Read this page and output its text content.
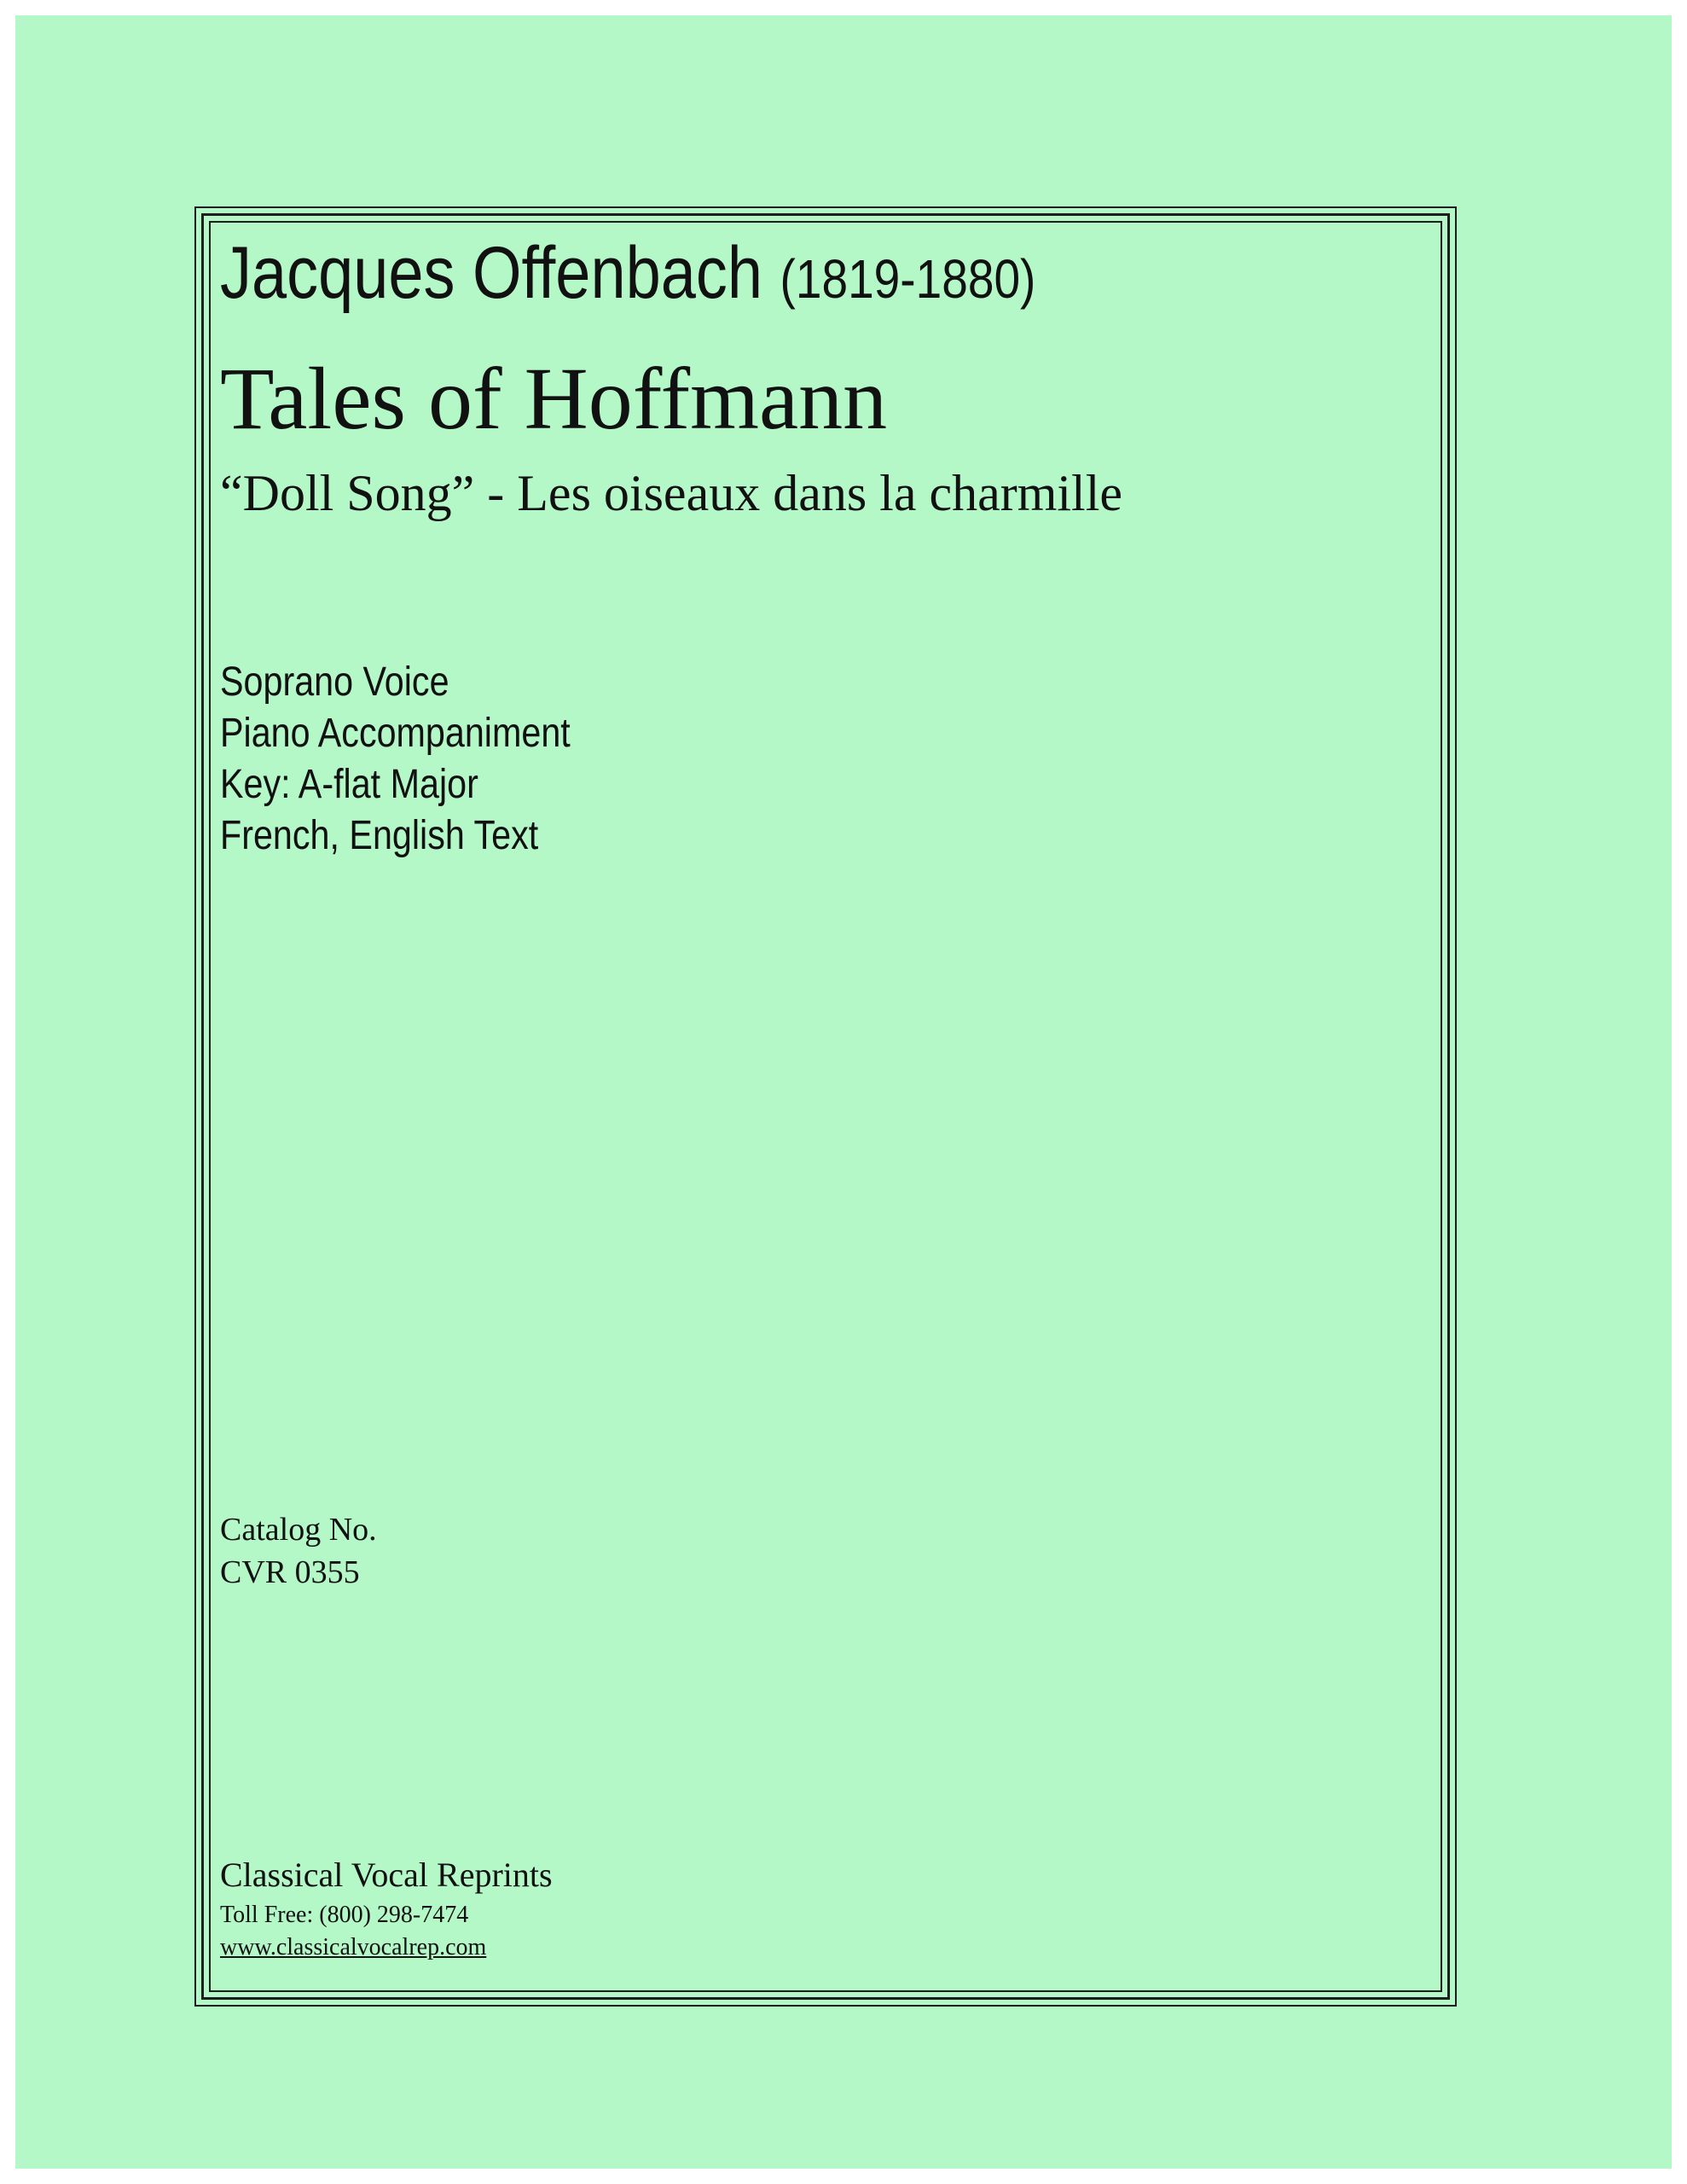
Jacques Offenbach (1819-1880)
Tales of Hoffmann
“Doll Song” - Les oiseaux dans la charmille
Soprano Voice
Piano Accompaniment
Key: A-flat Major
French, English Text
Catalog No.
CVR 0355
Classical Vocal Reprints
Toll Free: (800) 298-7474
www.classicalvocalrep.com
